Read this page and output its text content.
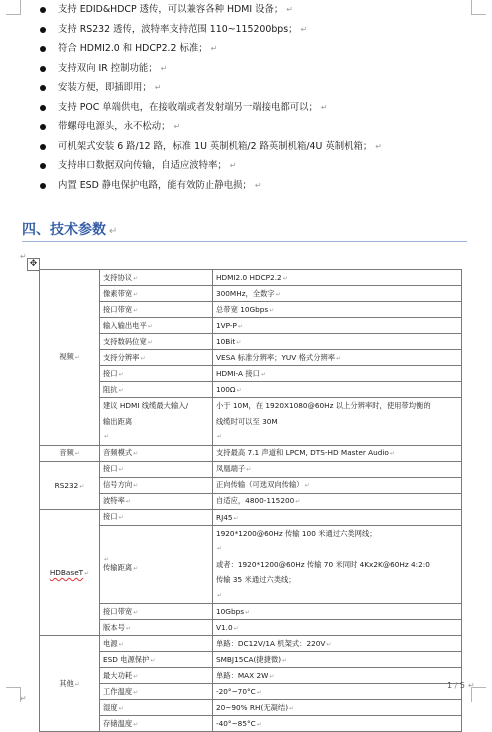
支持 EDID&HDCP 透传，可以兼容各种 HDMI 设备； ↵
支持 RS232 透传，波特率支持范围 110~115200bps； ↵
符合 HDMI2.0 和 HDCP2.2 标准； ↵
支持双向 IR 控制功能； ↵
安装方便，即插即用； ↵
支持 POC 单端供电，在接收端或者发射端另一端接电都可以； ↵
带螺母电源头，永不松动； ↵
可机架式安装 6 路/12 路，标准 1U 英制机箱/2 路英制机箱/4U 英制机箱； ↵
支持串口数据双向传输，自适应波特率； ↵
内置 ESD 静电保护电路，能有效防止静电损； ↵
四、技术参数 ↵
↵
✥
视频↵	支持协议↵	HDMI2.0 HDCP2.2↵
	像素带宽↵	300MHz，全数字↵
	接口带宽↵	总带宽 10Gbps↵
	输入输出电平↵	1VP-P↵
	支持数码位宽↵	10Bit↵
	支持分辨率↵	VESA 标准分辨率；YUV 格式分辨率↵
	接口↵	HDMI-A 接口↵
	阻抗↵	100Ω↵

	建议 HDMI 线缆最大输入/
输出距离
↵	小于 10M，在 1920X1080@60Hz 以上分辨率时，使用带均衡的
线缆时可以至 30M
↵

音频↵	音频模式↵	支持最高 7.1 声道和 LPCM, DTS-HD Master Audio↵
RS232↵	接口↵	凤凰端子↵
	信号方向↵	正向传输（可选双向传输）↵
	波特率↵	自适应，4800-115200↵
HDBaseT↵	接口↵	RJ45↵

	↵
传输距离↵	1920*1200@60Hz 传输 100 米通过六类网线；
↵
或者：1920*1200@60Hz 传输 70 米同时 4Kx2K@60Hz 4:2:0
传输 35 米通过六类线；
↵

	接口带宽↵	10Gbps↵
	版本号↵	V1.0↵
其他↵	电源↵	单路：DC12V/1A 机架式：220V↵
	ESD 电源保护↵	SMBJ15CA(捷捷微)↵
	最大功耗↵	单路：MAX 2W↵
	工作温度↵	-20°~70°C↵
	湿度↵	20~90% RH(无凝结)↵
	存储温度↵	-40°~85°C↵
1 / 5 ↵
↵
